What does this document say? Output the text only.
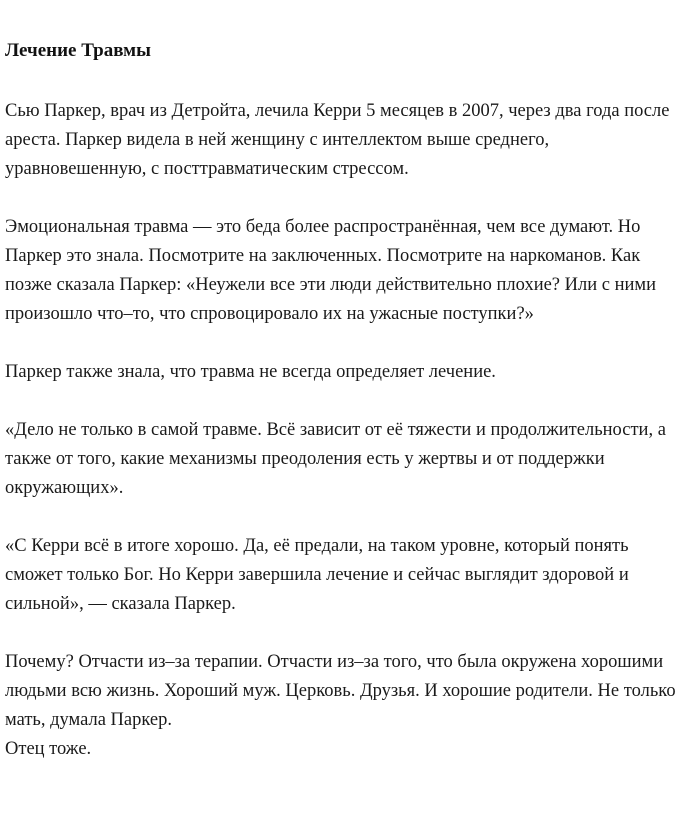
Лечение Травмы

Сью Паркер, врач из Детройта, лечила Керри 5 месяцев в 2007, через два года после ареста. Паркер видела в ней женщину с интеллектом выше среднего, уравновешенную, с посттравматическим стрессом.

Эмоциональная травма — это беда более распространённая, чем все думают. Но Паркер это знала. Посмотрите на заключенных. Посмотрите на наркоманов. Как позже сказала Паркер: «Неужели все эти люди действительно плохие? Или с ними произошло что–то, что спровоцировало их на ужасные поступки?»

Паркер также знала, что травма не всегда определяет лечение.

«Дело не только в самой травме. Всё зависит от её тяжести и продолжительности, а также от того, какие механизмы преодоления есть у жертвы и от поддержки окружающих».

«С Керри всё в итоге хорошо. Да, её предали, на таком уровне, который понять сможет только Бог. Но Керри завершила лечение и сейчас выглядит здоровой и сильной», — сказала Паркер.

Почему? Отчасти из–за терапии. Отчасти из–за того, что была окружена хорошими людьми всю жизнь. Хороший муж. Церковь. Друзья. И хорошие родители. Не только мать, думала Паркер.

Отец тоже.
